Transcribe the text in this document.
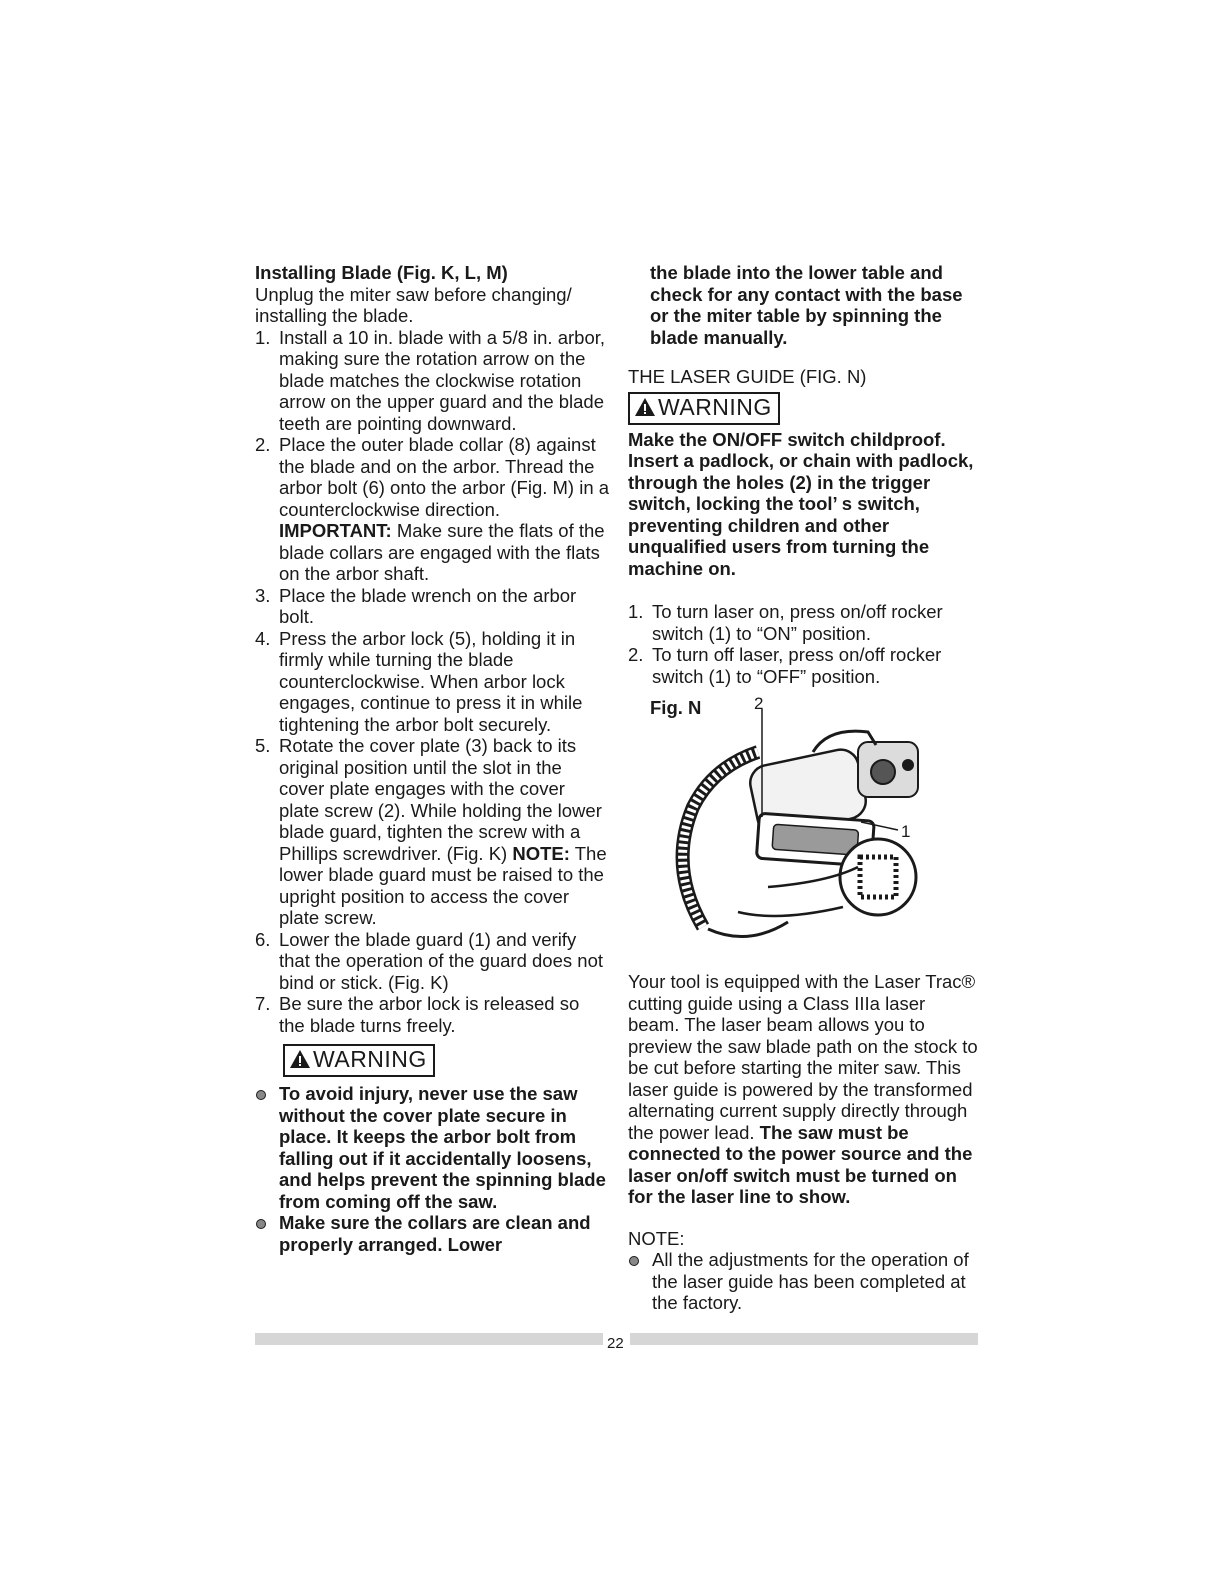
Installing Blade (Fig. K, L, M)

Unplug the miter saw before changing/ installing the blade.

1. Install a 10 in. blade with a 5/8 in. arbor, making sure the rotation arrow on the blade matches the clockwise rotation arrow on the upper guard and the blade teeth are pointing downward.
2. Place the outer blade collar (8) against the blade and on the arbor. Thread the arbor bolt (6) onto the arbor (Fig. M) in a counterclockwise direction.
IMPORTANT: Make sure the flats of the blade collars are engaged with the flats on the arbor shaft.
3. Place the blade wrench on the arbor bolt.
4. Press the arbor lock (5), holding it in firmly while turning the blade counterclockwise. When arbor lock engages, continue to press it in while tightening the arbor bolt securely.
5. Rotate the cover plate (3) back to its original position until the slot in the cover plate engages with the cover plate screw (2). While holding the lower blade guard, tighten the screw with a Phillips screwdriver. (Fig. K) NOTE: The lower blade guard must be raised to the upright position to access the cover plate screw.
6. Lower the blade guard (1) and verify that the operation of the guard does not bind or stick. (Fig. K)
7. Be sure the arbor lock is released so the blade turns freely.
WARNING
To avoid injury, never use the saw without the cover plate secure in place. It keeps the arbor bolt from falling out if it accidentally loosens, and helps prevent the spinning blade from coming off the saw.
Make sure the collars are clean and properly arranged. Lower
the blade into the lower table and check for any contact with the base or the miter table by spinning the blade manually.
THE LASER GUIDE (FIG. N)
WARNING
Make the ON/OFF switch childproof. Insert a padlock, or chain with padlock, through the holes (2) in the trigger switch, locking the tool’ s switch, preventing children and other unqualified users from turning the machine on.
1. To turn laser on, press on/off rocker switch (1) to “ON” position.
2. To turn off laser, press on/off rocker switch (1) to “OFF” position.
Fig. N	2
1
Your tool is equipped with the Laser Trac® cutting guide using a Class IIIa laser beam. The laser beam allows you to preview the saw blade path on the stock to be cut before starting the miter saw. This laser guide is powered by the transformed alternating current supply directly through the power lead. The saw must be connected to the power source and the laser on/off switch must be turned on for the laser line to show.
NOTE:
All the adjustments for the operation of the laser guide has been completed at the factory.
22
